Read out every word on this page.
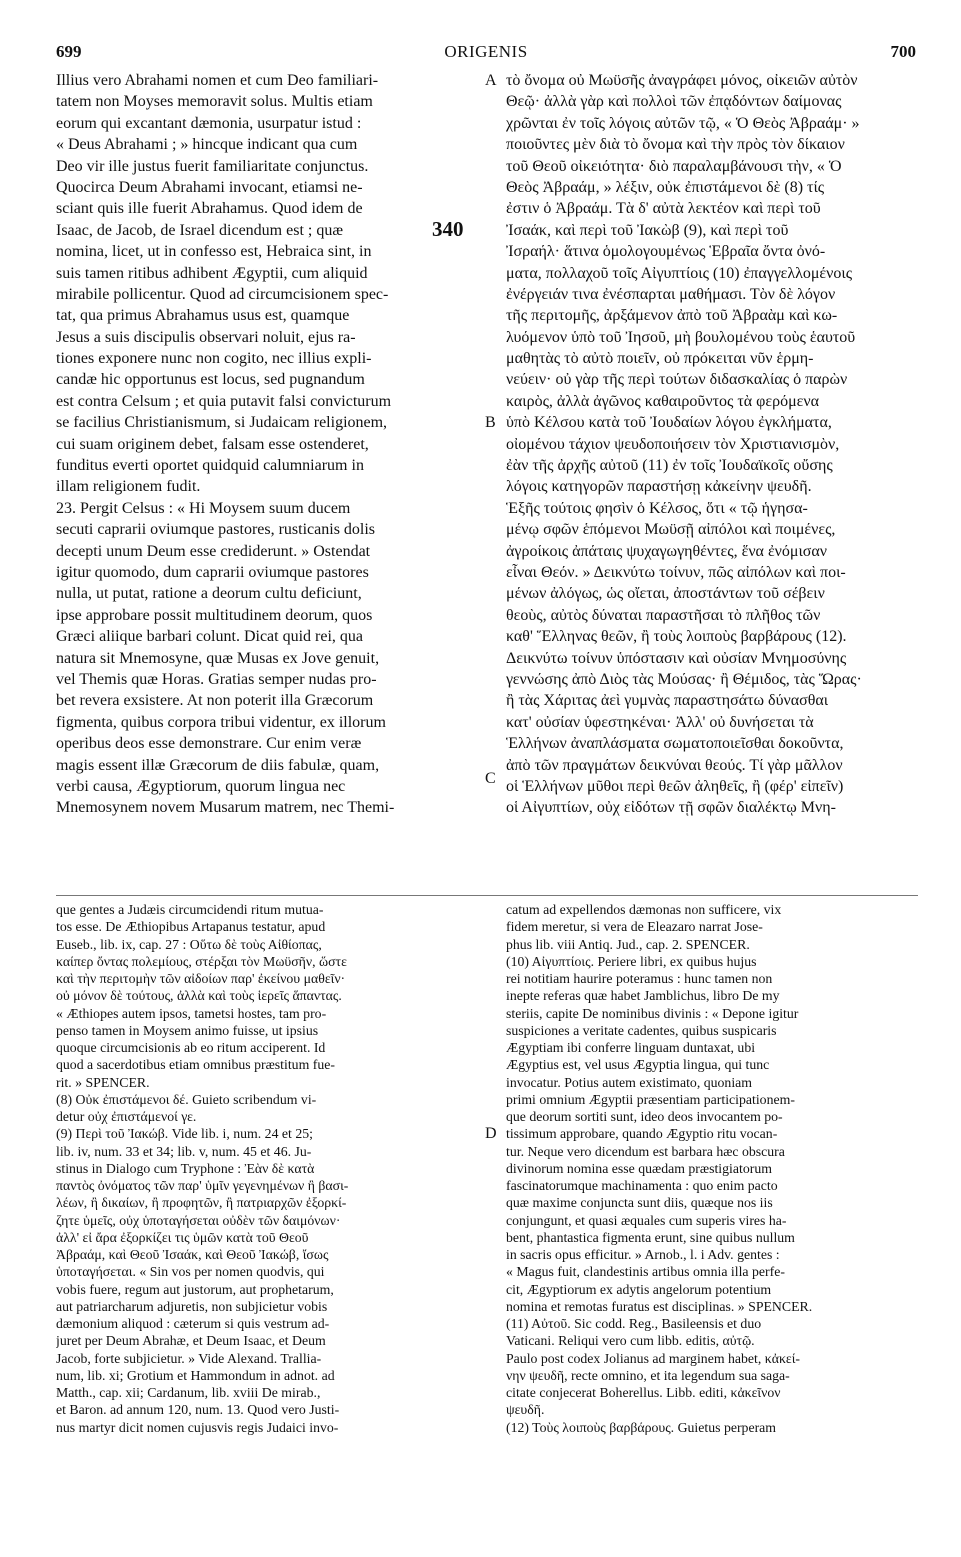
699	ORIGENIS	700
Illius vero Abrahami nomen et cum Deo familiari-
tatem non Moyses memoravit solus. Multis etiam
eorum qui excantant dæmonia, usurpatur istud :
« Deus Abrahami ; » hincque indicant qua cum
Deo vir ille justus fuerit familiaritate conjunctus.
Quocirca Deum Abrahami invocant, etiamsi ne-
sciant quis ille fuerit Abrahamus. Quod idem de
Isaac, de Jacob, de Israel dicendum est ; quæ
nomina, licet, ut in confesso est, Hebraica sint, in
suis tamen ritibus adhibent Ægyptii, cum aliquid
mirabile pollicentur. Quod ad circumcisionem spec-
tat, qua primus Abrahamus usus est, quamque
Jesus a suis discipulis observari noluit, ejus ra-
tiones exponere nunc non cogito, nec illius expli-
candæ hic opportunus est locus, sed pugnandum
est contra Celsum ; et quia putavit falsi convicturum
se facilius Christianismum, si Judaicam religionem,
cui suam originem debet, falsam esse ostenderet,
funditus everti oportet quidquid calumniarum in
illam religionem fudit.
23. Pergit Celsus : « Hi Moysem suum ducem
secuti caprarii oviumque pastores, rusticanis dolis
decepti unum Deum esse crediderunt. » Ostendat
igitur quomodo, dum caprarii oviumque pastores
nulla, ut putat, ratione a deorum cultu deficiunt,
ipse approbare possit multitudinem deorum, quos
Græci aliique barbari colunt. Dicat quid rei, qua
natura sit Mnemosyne, quæ Musas ex Jove genuit,
vel Themis quæ Horas. Gratias semper nudas pro-
bet revera exsistere. At non poterit illa Græcorum
figmenta, quibus corpora tribui videntur, ex illorum
operibus deos esse demonstrare. Cur enim veræ
magis essent illæ Græcorum de diis fabulæ, quam,
verbi causa, Ægyptiorum, quorum lingua nec
Mnemosynem novem Musarum matrem, nec Themi-
τὸ ὄνομα οὐ Μωϋσῆς ἀναγράφει μόνος, οἰκειῶν αὐτὸν
Θεῷ· ἀλλὰ γὰρ καὶ πολλοὶ τῶν ἐπᾳδόντων δαίμονας
χρῶνται ἐν τοῖς λόγοις αὐτῶν τῷ, « Ὁ Θεὸς Ἀβραάμ· »
ποιοῦντες μὲν διὰ τὸ ὄνομα καὶ τὴν πρὸς τὸν δίκαιον
τοῦ Θεοῦ οἰκειότητα· διὸ παραλαμβάνουσι τὴν, « Ὁ
Θεὸς Ἀβραάμ, » λέξιν, οὐκ ἐπιστάμενοι δὲ (8) τίς
ἐστιν ὁ Ἀβραάμ. Τὰ δ' αὐτὰ λεκτέον καὶ περὶ τοῦ
Ἰσαάκ, καὶ περὶ τοῦ Ἰακὼβ (9), καὶ περὶ τοῦ
Ἰσραήλ· ἅτινα ὁμολογουμένως Ἑβραῖα ὄντα ὀνό-
ματα, πολλαχοῦ τοῖς Αἰγυπτίοις (10) ἐπαγγελλομένοις
ἐνέργειάν τινα ἐνέσπαρται μαθήμασι. Τὸν δὲ λόγον
τῆς περιτομῆς, ἀρξάμενον ἀπὸ τοῦ Ἀβραὰμ καὶ κω-
λυόμενον ὑπὸ τοῦ Ἰησοῦ, μὴ βουλομένου τοὺς ἑαυτοῦ
μαθητὰς τὸ αὐτὸ ποιεῖν, οὐ πρόκειται νῦν ἑρμη-
νεύειν· οὐ γὰρ τῆς περὶ τούτων διδασκαλίας ὁ παρὼν
καιρὸς, ἀλλὰ ἀγῶνος καθαιροῦντος τὰ φερόμενα
ὑπὸ Κέλσου κατὰ τοῦ Ἰουδαίων λόγου ἐγκλήματα,
οἰομένου τάχιον ψευδοποιήσειν τὸν Χριστιανισμὸν,
ἐὰν τῆς ἀρχῆς αὐτοῦ (11) ἐν τοῖς Ἰουδαϊκοῖς οὔσης
λόγοις κατηγορῶν παραστήσῃ κἀκείνην ψευδῆ.
Ἑξῆς τούτοις φησὶν ὁ Κέλσος, ὅτι « τῷ ἡγησα-
μένῳ σφῶν ἑπόμενοι Μωϋσῇ αἰπόλοι καὶ ποιμένες,
ἀγροίκοις ἀπάταις ψυχαγωγηθέντες, ἕνα ἐνόμισαν
εἶναι Θεόν. » Δεικνύτω τοίνυν, πῶς αἰπόλων καὶ ποι-
μένων ἀλόγως, ὡς οἴεται, ἀποστάντων τοῦ σέβειν
θεοὺς, αὐτὸς δύναται παραστῆσαι τὸ πλῆθος τῶν
καθ' Ἕλληνας θεῶν, ἢ τοὺς λοιποὺς βαρβάρους (12).
Δεικνύτω τοίνυν ὑπόστασιν καὶ οὐσίαν Μνημοσύνης
γεννώσης ἀπὸ Διὸς τὰς Μούσας· ἢ Θέμιδος, τὰς Ὥρας·
ἢ τὰς Χάριτας ἀεὶ γυμνὰς παραστησάτω δύνασθαι
κατ' οὐσίαν ὑφεστηκέναι· Ἀλλ' οὐ δυνήσεται τὰ
Ἑλλήνων ἀναπλάσματα σωματοποιεῖσθαι δοκοῦντα,
ἀπὸ τῶν πραγμάτων δεικνύναι θεούς. Τί γὰρ μᾶλλον
οἱ Ἑλλήνων μῦθοι περὶ θεῶν ἀληθεῖς, ἢ (φέρ' εἰπεῖν)
οἱ Αἰγυπτίων, οὐχ εἰδότων τῇ σφῶν διαλέκτῳ Μνη-
A
B
C
D
340
que gentes a Judæis circumcidendi ritum mutua-
tos esse. De Æthiopibus Artapanus testatur, apud
Euseb., lib. ix, cap. 27 : Οὕτω δὲ τοὺς Αἰθίοπας,
καίπερ ὄντας πολεμίους, στέρξαι τὸν Μωϋσῆν, ὥστε
καὶ τὴν περιτομὴν τῶν αἰδοίων παρ' ἐκείνου μαθεῖν·
οὐ μόνον δὲ τούτους, ἀλλὰ καὶ τοὺς ἱερεῖς ἅπαντας.
« Æthiopes autem ipsos, tametsi hostes, tam pro-
penso tamen in Moysem animo fuisse, ut ipsius
quoque circumcisionis ab eo ritum acciperent. Id
quod a sacerdotibus etiam omnibus præstitum fue-
rit. » SPENCER.
(8) Οὐκ ἐπιστάμενοι δέ. Guieto scribendum vi-
detur οὐχ ἐπιστάμενοί γε.
(9) Περὶ τοῦ Ἰακώβ. Vide lib. i, num. 24 et 25;
lib. iv, num. 33 et 34; lib. v, num. 45 et 46. Ju-
stinus in Dialogo cum Tryphone : Ἐὰν δὲ κατὰ
παντὸς ὀνόματος τῶν παρ' ὑμῖν γεγενημένων ἢ βασι-
λέων, ἢ δικαίων, ἢ προφητῶν, ἢ πατριαρχῶν ἐξορκί-
ζητε ὑμεῖς, οὐχ ὑποταγήσεται οὐδὲν τῶν δαιμόνων·
ἀλλ' εἰ ἄρα ἐξορκίζει τις ὑμῶν κατὰ τοῦ Θεοῦ
Ἀβραάμ, καὶ Θεοῦ Ἰσαάκ, καὶ Θεοῦ Ἰακώβ, ἴσως
ὑποταγήσεται. « Sin vos per nomen quodvis, qui
vobis fuere, regum aut justorum, aut prophetarum,
aut patriarcharum adjuretis, non subjicietur vobis
dæmonium aliquod : cæterum si quis vestrum ad-
juret per Deum Abrahæ, et Deum Isaac, et Deum
Jacob, forte subjicietur. » Vide Alexand. Trallia-
num, lib. xi; Grotium et Hammondum in adnot. ad
Matth., cap. xii; Cardanum, lib. xviii De mirab.,
et Baron. ad annum 120, num. 13. Quod vero Justi-
nus martyr dicit nomen cujusvis regis Judaici invo-
catum ad expellendos dæmonas non sufficere, vix
fidem meretur, si vera de Eleazaro narrat Jose-
phus lib. viii Antiq. Jud., cap. 2. SPENCER.
(10) Αἰγυπτίοις. Periere libri, ex quibus hujus
rei notitiam haurire poteramus : hunc tamen non
inepte referas quæ habet Jamblichus, libro De my
steriis, capite De nominibus divinis : « Depone igitur
suspiciones a veritate cadentes, quibus suspicaris
Ægyptiam ibi conferre linguam duntaxat, ubi
Ægyptius est, vel usus Ægyptia lingua, qui tunc
invocatur. Potius autem existimato, quoniam
primi omnium Ægyptii præsentiam participationem-
que deorum sortiti sunt, ideo deos invocantem po-
tissimum approbare, quando Ægyptio ritu vocan-
tur. Neque vero dicendum est barbara hæc obscura
divinorum nomina esse quædam præstigiatorum
fascinatorumque machinamenta : quo enim pacto
quæ maxime conjuncta sunt diis, quæque nos iis
conjungunt, et quasi æquales cum superis vires ha-
bent, phantastica figmenta erunt, sine quibus nullum
in sacris opus efficitur. » Arnob., l. i Adv. gentes :
« Magus fuit, clandestinis artibus omnia illa perfe-
cit, Ægyptiorum ex adytis angelorum potentium
nomina et remotas furatus est disciplinas. » SPENCER.
(11) Αὐτοῦ. Sic codd. Reg., Basileensis et duo
Vaticani. Reliqui vero cum libb. editis, αὐτῷ.
Paulo post codex Jolianus ad marginem habet, κἀκεί-
νην ψευδῆ, recte omnino, et ita legendum sua saga-
citate conjecerat Boherellus. Libb. editi, κἀκεῖνον
ψευδῆ.
(12) Τοὺς λοιποὺς βαρβάρους. Guietus perperam
